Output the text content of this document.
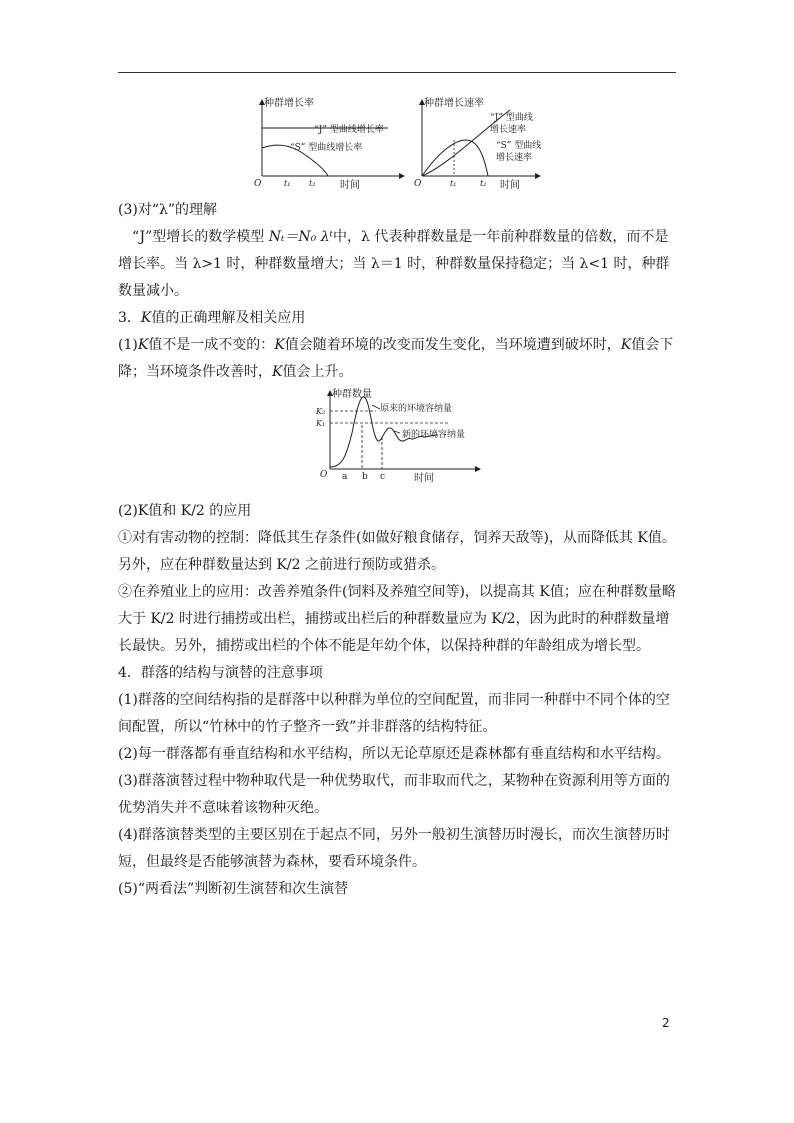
种群增长率
“J” 型曲线增长率
“S” 型曲线增长率
O	t₁ t₂ 时间
种群增长速率
“J” 型曲线
增长速率
“S” 型曲线
增长速率
O	t₁	t₂ 时间

(3)对“λ”的理解

“J”型增长的数学模型 Nₜ＝N₀ λᵗ中，λ 代表种群数量是一年前种群数量的倍数，而不是增长率。当 λ>1 时，种群数量增大；当 λ＝1 时，种群数量保持稳定；当 λ<1 时，种群数量减小。

3．K值的正确理解及相关应用

(1)K值不是一成不变的：K值会随着环境的改变而发生变化，当环境遭到破坏时，K值会下降；当环境条件改善时，K值会上升。

(2)K值和 K/2 的应用

①对有害动物的控制：降低其生存条件(如做好粮食储存，饲养天敌等)，从而降低其 K值。另外，应在种群数量达到 K/2 之前进行预防或猎杀。

②在养殖业上的应用：改善养殖条件(饲料及养殖空间等)，以提高其 K值；应在种群数量略大于 K/2 时进行捕捞或出栏，捕捞或出栏后的种群数量应为 K/2，因为此时的种群数量增长最快。另外，捕捞或出栏的个体不能是年幼个体，以保持种群的年龄组成为增长型。

4．群落的结构与演替的注意事项

(1)群落的空间结构指的是群落中以种群为单位的空间配置，而非同一种群中不同个体的空间配置，所以“竹林中的竹子整齐一致”并非群落的结构特征。

(2)每一群落都有垂直结构和水平结构，所以无论草原还是森林都有垂直结构和水平结构。

(3)群落演替过程中物种取代是一种优势取代，而非取而代之，某物种在资源利用等方面的优势消失并不意味着该物种灭绝。

(4)群落演替类型的主要区别在于起点不同，另外一般初生演替历时漫长，而次生演替历时短，但最终是否能够演替为森林，要看环境条件。

(5)“两看法”判断初生演替和次生演替

种群数量
K₂
K₁
原来的环境容纳量
新的环境容纳量
O a b c	时间
2
